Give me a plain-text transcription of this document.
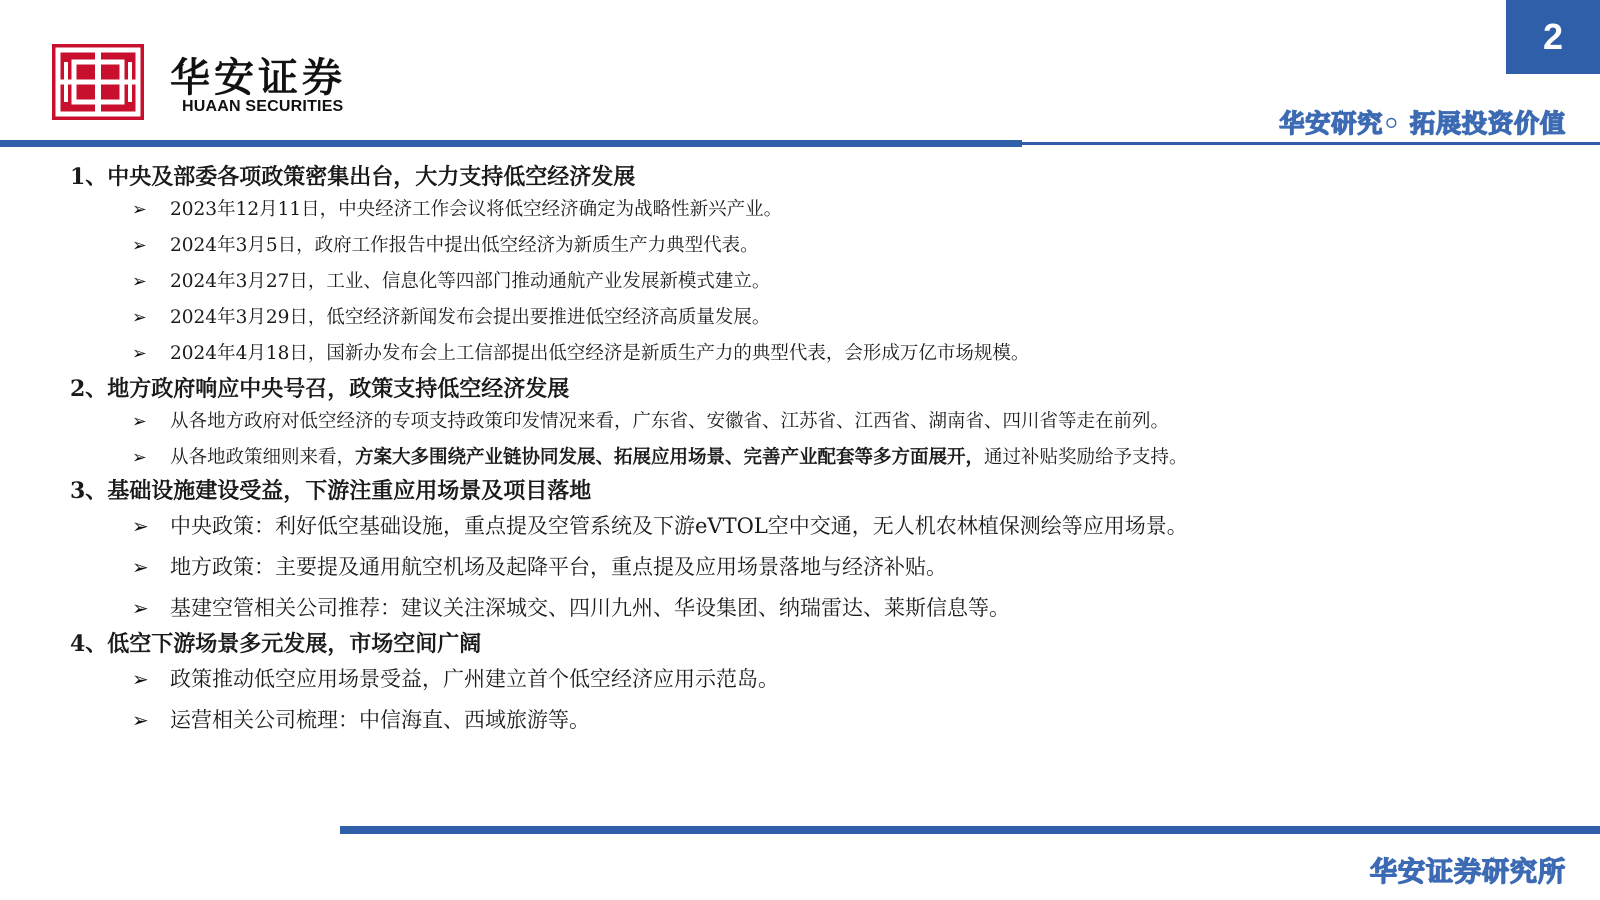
华安证券
HUAAN SECURITIES
2
华安研究• 拓展投资价值
1、中央及部委各项政策密集出台，大力支持低空经济发展
➢	2023年12月11日，中央经济工作会议将低空经济确定为战略性新兴产业。
➢	2024年3月5日，政府工作报告中提出低空经济为新质生产力典型代表。
➢	2024年3月27日，工业、信息化等四部门推动通航产业发展新模式建立。
➢	2024年3月29日，低空经济新闻发布会提出要推进低空经济高质量发展。
➢	2024年4月18日，国新办发布会上工信部提出低空经济是新质生产力的典型代表，会形成万亿市场规模。
2、地方政府响应中央号召，政策支持低空经济发展
➢	从各地方政府对低空经济的专项支持政策印发情况来看，广东省、安徽省、江苏省、江西省、湖南省、四川省等走在前列。
➢	从各地政策细则来看， 方案大多围绕产业链协同发展、拓展应用场景、完善产业配套等多方面展开， 通过补贴奖励给予支持。
3、基础设施建设受益，下游注重应用场景及项目落地
➢	中央政策：利好低空基础设施，重点提及空管系统及下游eVTOL空中交通，无人机农林植保测绘等应用场景。
➢	地方政策：主要提及通用航空机场及起降平台，重点提及应用场景落地与经济补贴。
➢	基建空管相关公司推荐：建议关注深城交、四川九州、华设集团、纳瑞雷达、莱斯信息等。
4、低空下游场景多元发展，市场空间广阔
➢	政策推动低空应用场景受益，广州建立首个低空经济应用示范岛。
➢	运营相关公司梳理：中信海直、西域旅游等。
华安证券研究所
